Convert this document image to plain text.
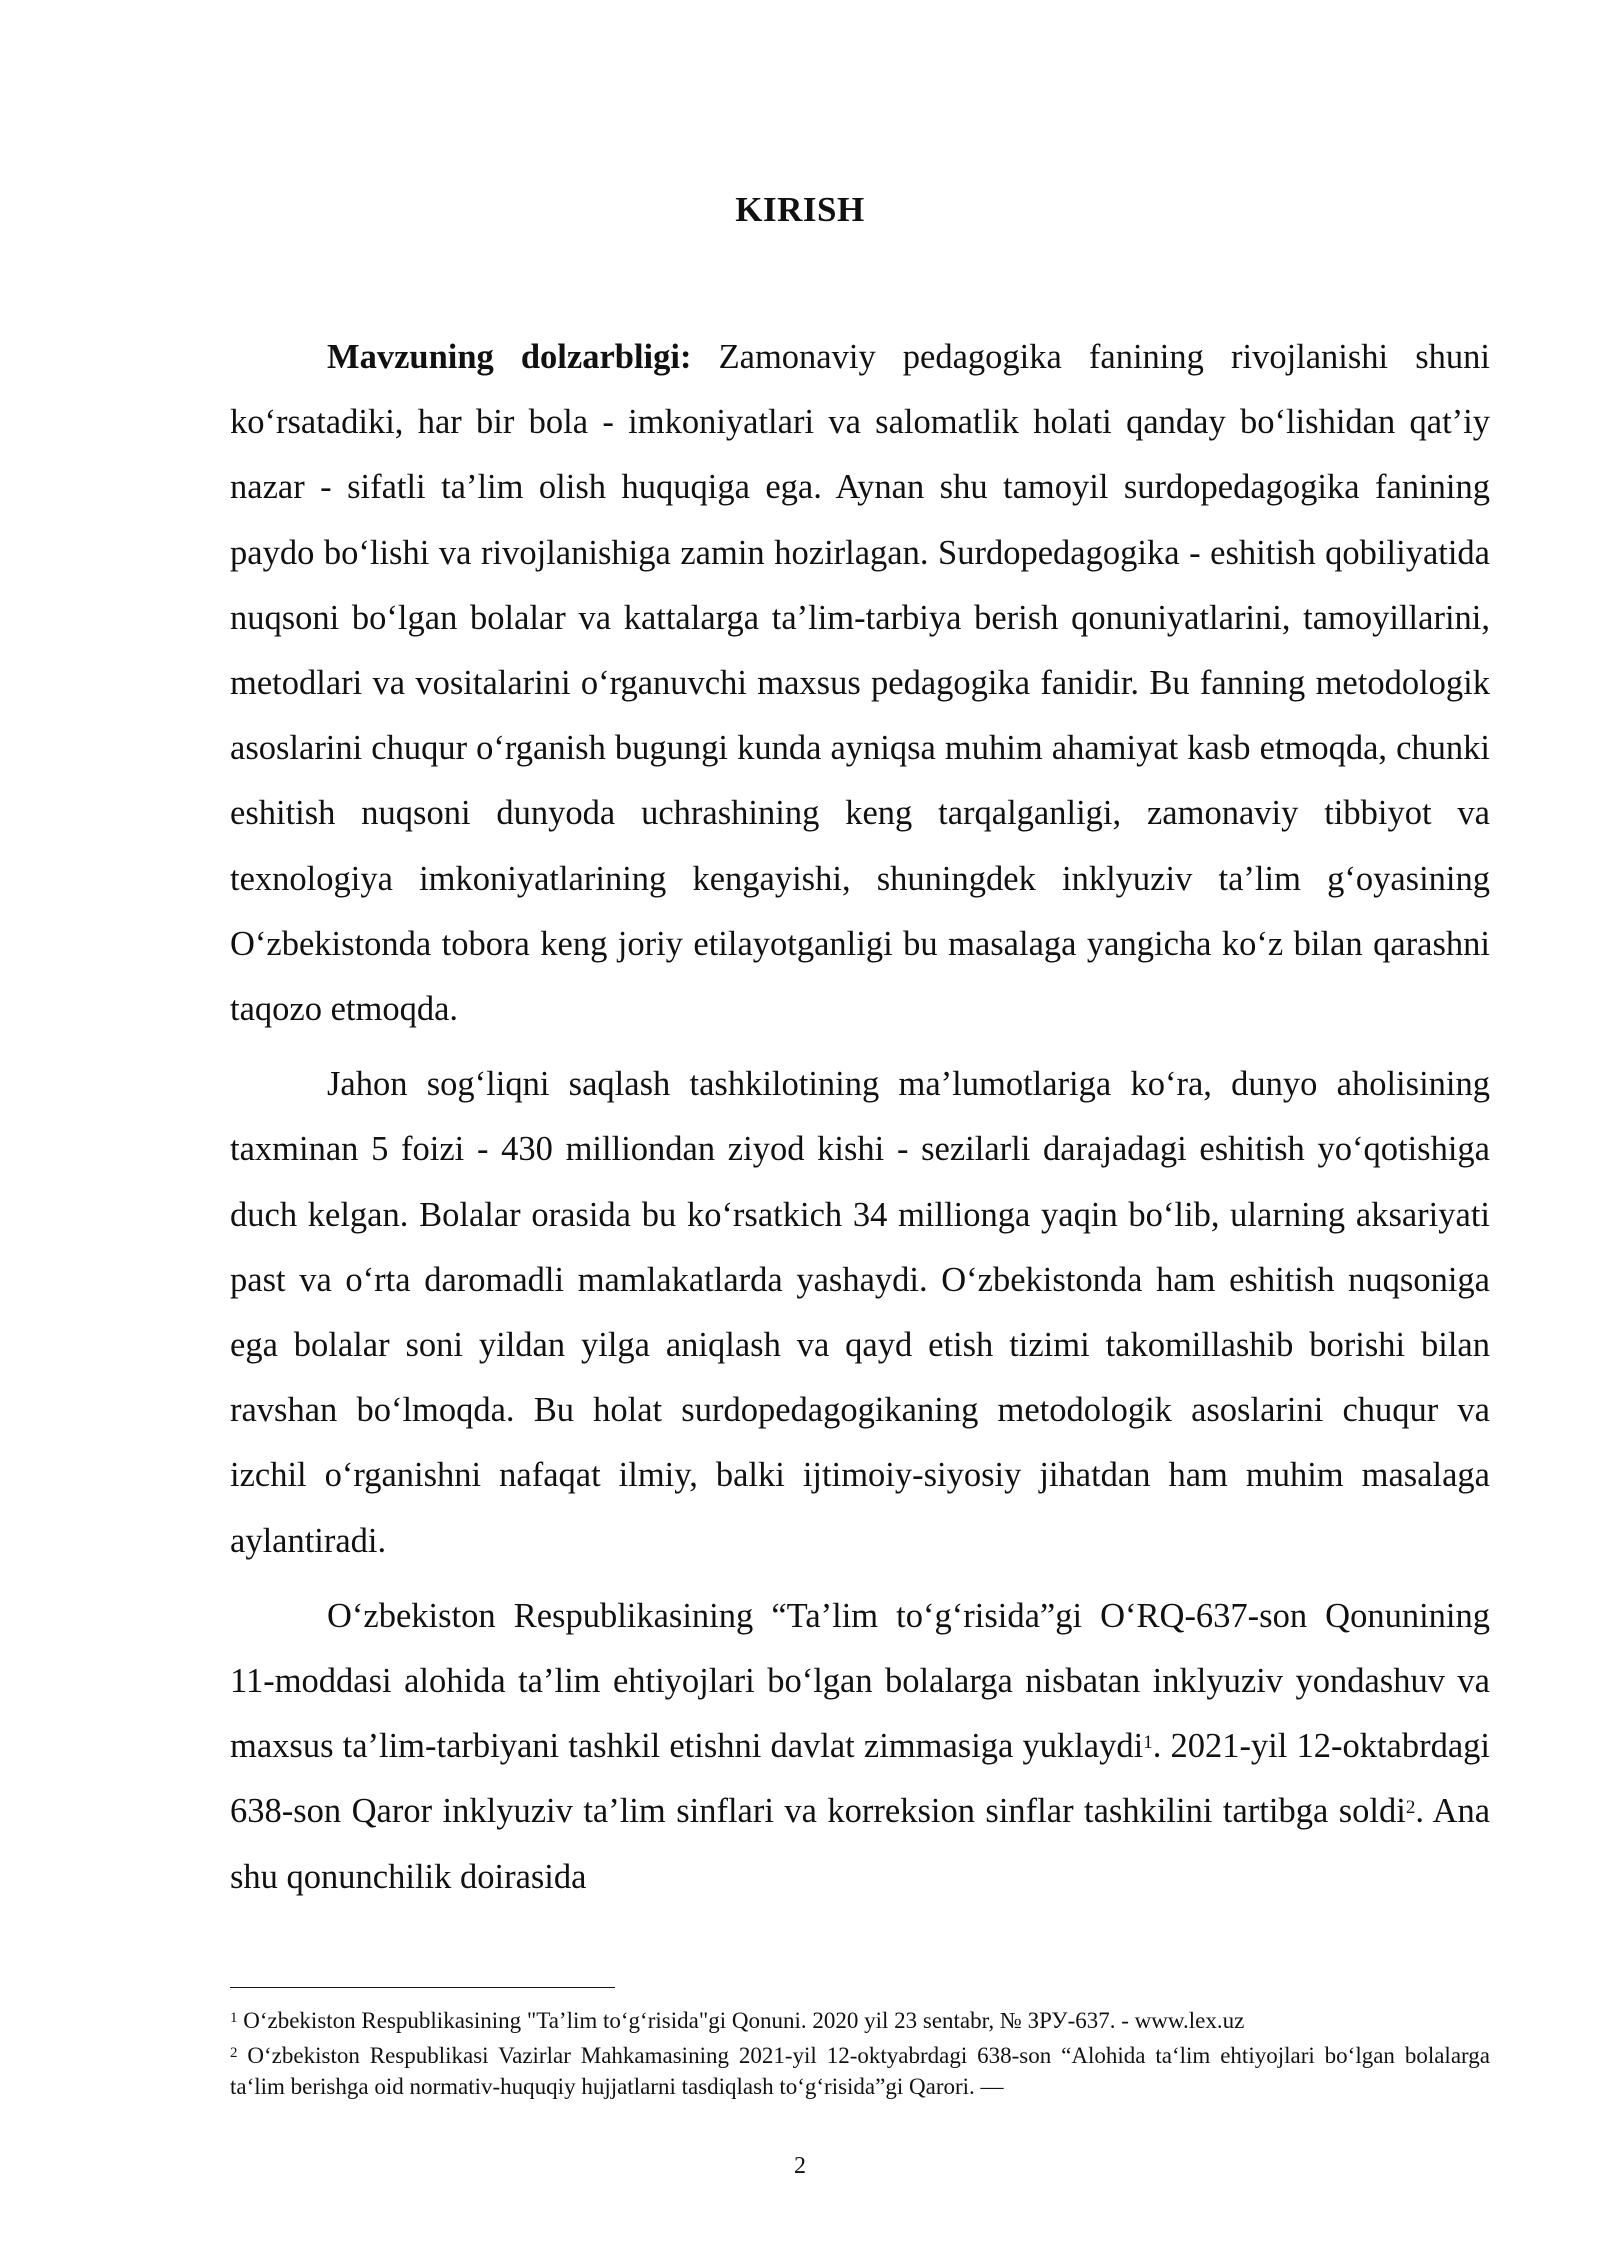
KIRISH

Mavzuning dolzarbligi: Zamonaviy pedagogika fanining rivojlanishi shuni ko‘rsatadiki, har bir bola - imkoniyatlari va salomatlik holati qanday bo‘lishidan qat’iy nazar - sifatli ta’lim olish huquqiga ega. Aynan shu tamoyil surdopedagogika fanining paydo bo‘lishi va rivojlanishiga zamin hozirlagan. Surdopedagogika - eshitish qobiliyatida nuqsoni bo‘lgan bolalar va kattalarga ta’lim-tarbiya berish qonuniyatlarini, tamoyillarini, metodlari va vositalarini o‘rganuvchi maxsus pedagogika fanidir. Bu fanning metodologik asoslarini chuqur o‘rganish bugungi kunda ayniqsa muhim ahamiyat kasb etmoqda, chunki eshitish nuqsoni dunyoda uchrashining keng tarqalganligi, zamonaviy tibbiyot va texnologiya imkoniyatlarining kengayishi, shuningdek inklyuziv ta’lim g‘oyasining O‘zbekistonda tobora keng joriy etilayotganligi bu masalaga yangicha ko‘z bilan qarashni taqozo etmoqda.

Jahon sog‘liqni saqlash tashkilotining ma’lumotlariga ko‘ra, dunyo aholisining taxminan 5 foizi - 430 milliondan ziyod kishi - sezilarli darajadagi eshitish yo‘qotishiga duch kelgan. Bolalar orasida bu ko‘rsatkich 34 millionga yaqin bo‘lib, ularning aksariyati past va o‘rta daromadli mamlakatlarda yashaydi. O‘zbekistonda ham eshitish nuqsoniga ega bolalar soni yildan yilga aniqlash va qayd etish tizimi takomillashib borishi bilan ravshan bo‘lmoqda. Bu holat surdopedagogikaning metodologik asoslarini chuqur va izchil o‘rganishni nafaqat ilmiy, balki ijtimoiy-siyosiy jihatdan ham muhim masalaga aylantiradi.

O‘zbekiston Respublikasining “Ta’lim to‘g‘risida”gi O‘RQ-637-son Qonunining 11-moddasi alohida ta’lim ehtiyojlari bo‘lgan bolalarga nisbatan inklyuziv yondashuv va maxsus ta’lim-tarbiyani tashkil etishni davlat zimmasiga yuklaydi$^1$. 2021-yil 12-oktabrdagi 638-son Qaror inklyuziv ta’lim sinflari va korreksion sinflar tashkilini tartibga soldi$^2$. Ana shu qonunchilik doirasida

$^1$ O‘zbekiston Respublikasining "Ta’lim to‘g‘risida"gi Qonuni. 2020 yil 23 sentabr, № ЗРУ-637. - www.lex.uz
$^2$ O‘zbekiston Respublikasi Vazirlar Mahkamasining 2021-yil 12-oktyabrdagi 638-son “Alohida ta‘lim ehtiyojlari bo‘lgan bolalarga ta‘lim berishga oid normativ-huquqiy hujjatlarni tasdiqlash to‘g‘risida”gi Qarori. —
2
